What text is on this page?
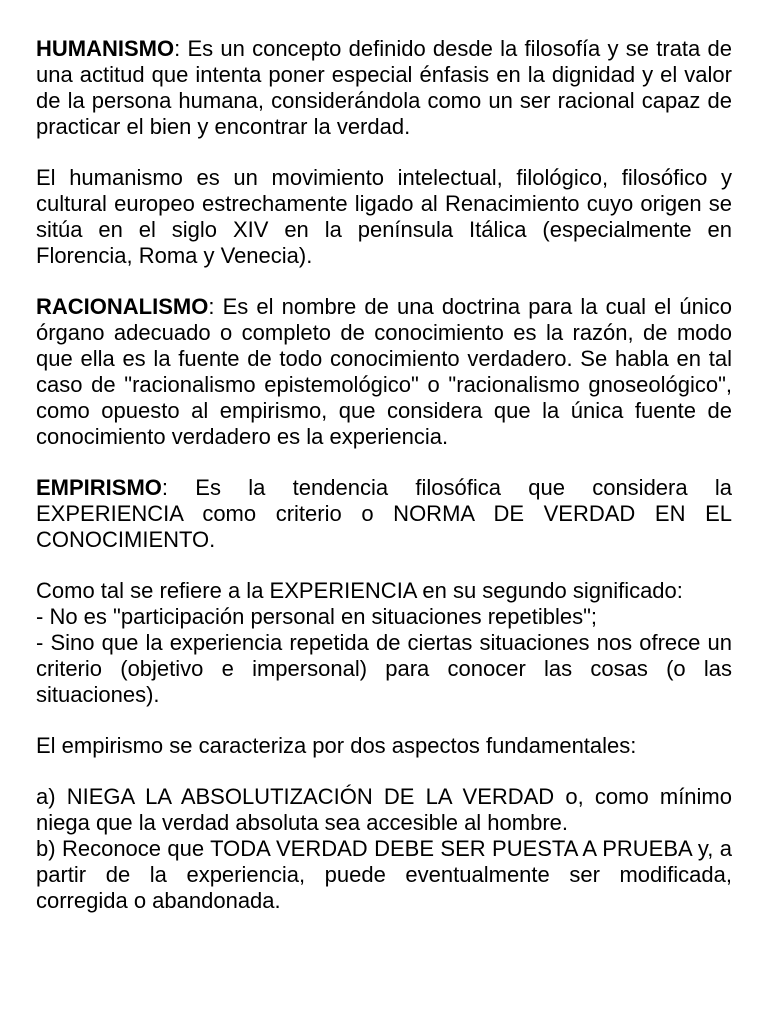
HUMANISMO: Es un concepto definido desde la filosofía y se trata de una actitud que intenta poner especial énfasis en la dignidad y el valor de la persona humana, considerándola como un ser racional capaz de practicar el bien y encontrar la verdad.

El humanismo es un movimiento intelectual, filológico, filosófico y cultural europeo estrechamente ligado al Renacimiento cuyo origen se sitúa en el siglo XIV en la península Itálica (especialmente en Florencia, Roma y Venecia).

RACIONALISMO: Es el nombre de una doctrina para la cual el único órgano adecuado o completo de conocimiento es la razón, de modo que ella es la fuente de todo conocimiento verdadero. Se habla en tal caso de "racionalismo epistemológico" o "racionalismo gnoseológico", como opuesto al empirismo, que considera que la única fuente de conocimiento verdadero es la experiencia.

EMPIRISMO: Es la tendencia filosófica que considera la EXPERIENCIA como criterio o NORMA DE VERDAD EN EL CONOCIMIENTO.

Como tal se refiere a la EXPERIENCIA en su segundo significado:
- No es "participación personal en situaciones repetibles";
- Sino que la experiencia repetida de ciertas situaciones nos ofrece un criterio (objetivo e impersonal) para conocer las cosas (o las situaciones).

El empirismo se caracteriza por dos aspectos fundamentales:

a) NIEGA LA ABSOLUTIZACIÓN DE LA VERDAD o, como mínimo niega que la verdad absoluta sea accesible al hombre.
b) Reconoce que TODA VERDAD DEBE SER PUESTA A PRUEBA y, a partir de la experiencia, puede eventualmente ser modificada, corregida o abandonada.
